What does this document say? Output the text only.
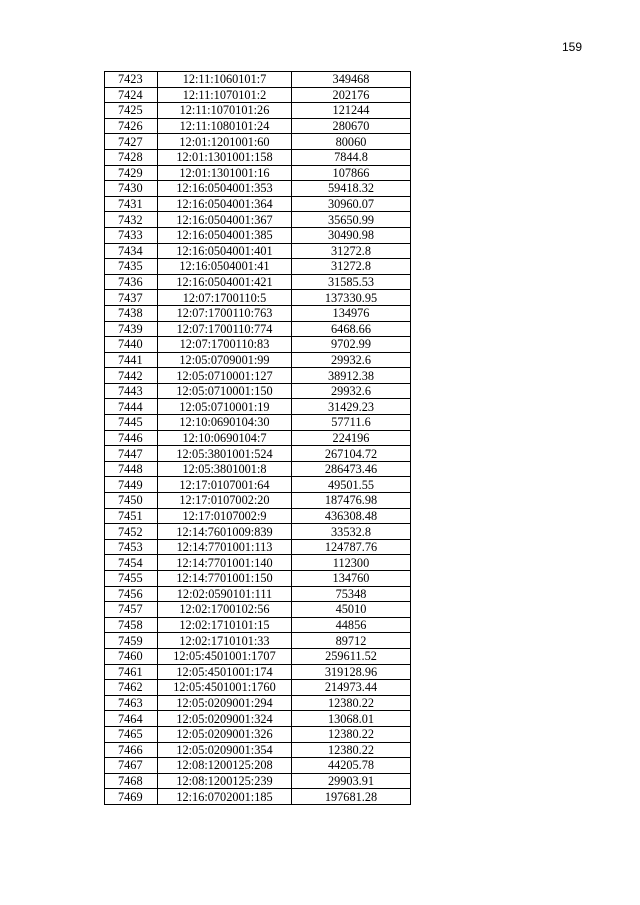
159
7423	12:11:1060101:7	349468
7424	12:11:1070101:2	202176
7425	12:11:1070101:26	121244
7426	12:11:1080101:24	280670
7427	12:01:1201001:60	80060
7428	12:01:1301001:158	7844.8
7429	12:01:1301001:16	107866
7430	12:16:0504001:353	59418.32
7431	12:16:0504001:364	30960.07
7432	12:16:0504001:367	35650.99
7433	12:16:0504001:385	30490.98
7434	12:16:0504001:401	31272.8
7435	12:16:0504001:41	31272.8
7436	12:16:0504001:421	31585.53
7437	12:07:1700110:5	137330.95
7438	12:07:1700110:763	134976
7439	12:07:1700110:774	6468.66
7440	12:07:1700110:83	9702.99
7441	12:05:0709001:99	29932.6
7442	12:05:0710001:127	38912.38
7443	12:05:0710001:150	29932.6
7444	12:05:0710001:19	31429.23
7445	12:10:0690104:30	57711.6
7446	12:10:0690104:7	224196
7447	12:05:3801001:524	267104.72
7448	12:05:3801001:8	286473.46
7449	12:17:0107001:64	49501.55
7450	12:17:0107002:20	187476.98
7451	12:17:0107002:9	436308.48
7452	12:14:7601009:839	33532.8
7453	12:14:7701001:113	124787.76
7454	12:14:7701001:140	112300
7455	12:14:7701001:150	134760
7456	12:02:0590101:111	75348
7457	12:02:1700102:56	45010
7458	12:02:1710101:15	44856
7459	12:02:1710101:33	89712
7460	12:05:4501001:1707	259611.52
7461	12:05:4501001:174	319128.96
7462	12:05:4501001:1760	214973.44
7463	12:05:0209001:294	12380.22
7464	12:05:0209001:324	13068.01
7465	12:05:0209001:326	12380.22
7466	12:05:0209001:354	12380.22
7467	12:08:1200125:208	44205.78
7468	12:08:1200125:239	29903.91
7469	12:16:0702001:185	197681.28
